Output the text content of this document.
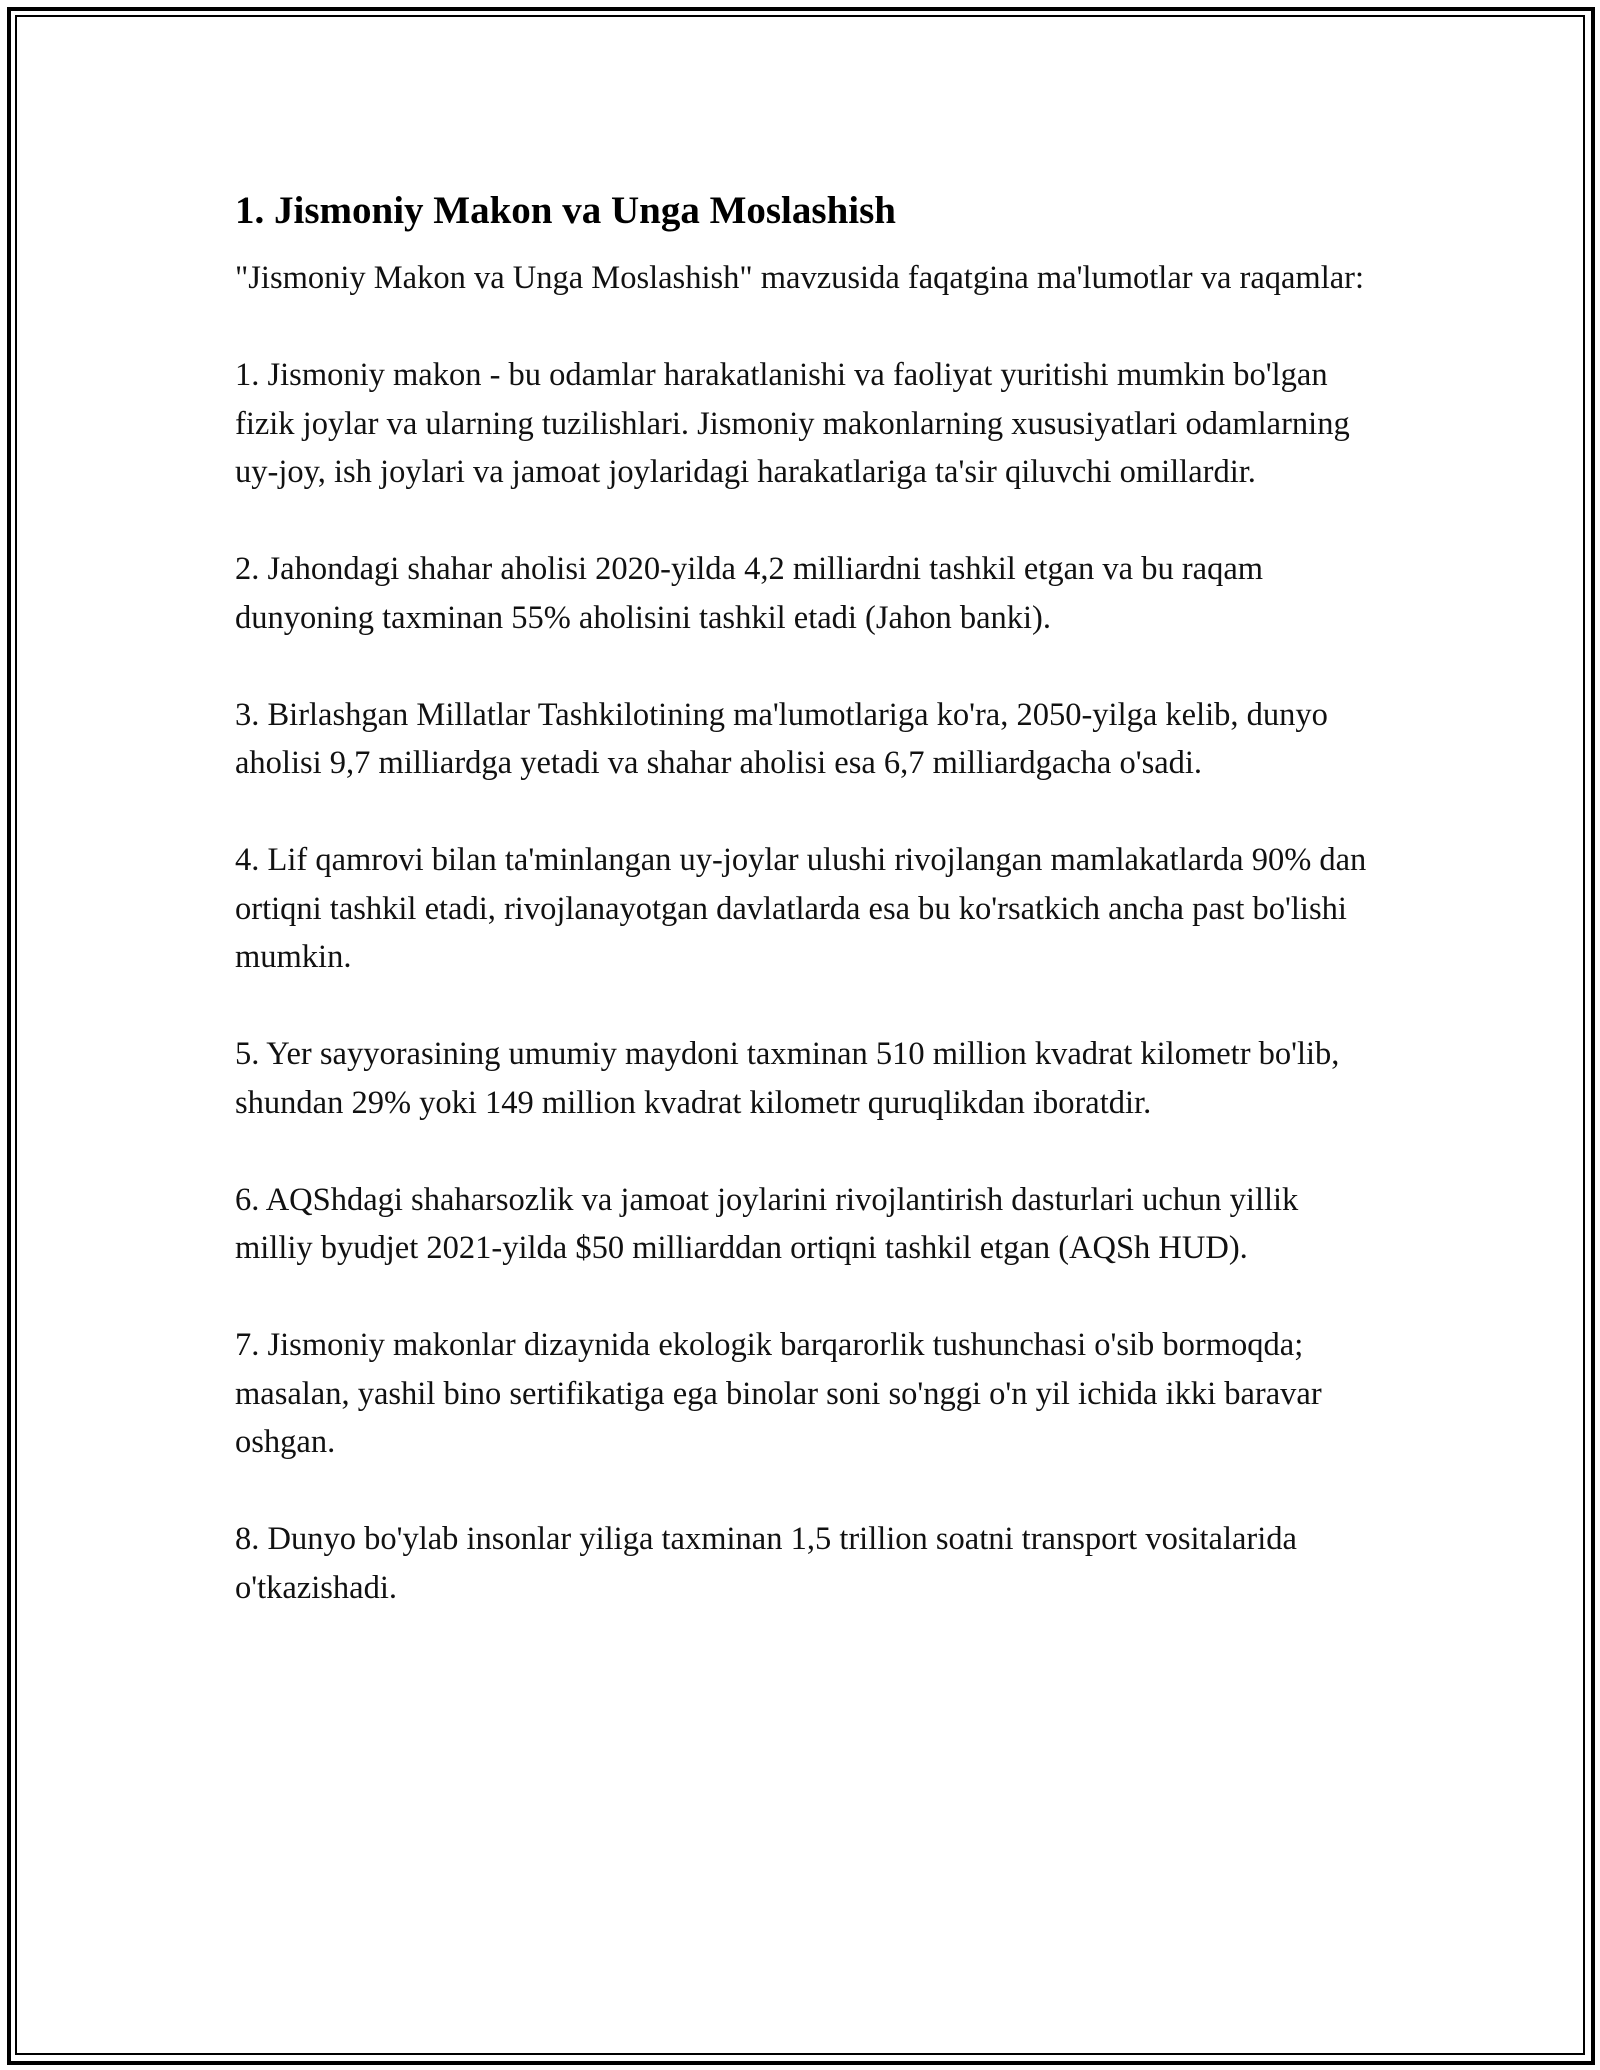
1. Jismoniy Makon va Unga Moslashish

"Jismoniy Makon va Unga Moslashish" mavzusida faqatgina ma'lumotlar va raqamlar:

1. Jismoniy makon - bu odamlar harakatlanishi va faoliyat yuritishi mumkin bo'lgan fizik joylar va ularning tuzilishlari. Jismoniy makonlarning xususiyatlari odamlarning uy-joy, ish joylari va jamoat joylaridagi harakatlariga ta'sir qiluvchi omillardir.

2. Jahondagi shahar aholisi 2020-yilda 4,2 milliardni tashkil etgan va bu raqam dunyoning taxminan 55% aholisini tashkil etadi (Jahon banki).

3. Birlashgan Millatlar Tashkilotining ma'lumotlariga ko'ra, 2050-yilga kelib, dunyo aholisi 9,7 milliardga yetadi va shahar aholisi esa 6,7 milliardgacha o'sadi.

4. Lif qamrovi bilan ta'minlangan uy-joylar ulushi rivojlangan mamlakatlarda 90% dan ortiqni tashkil etadi, rivojlanayotgan davlatlarda esa bu ko'rsatkich ancha past bo'lishi mumkin.

5. Yer sayyorasining umumiy maydoni taxminan 510 million kvadrat kilometr bo'lib, shundan 29% yoki 149 million kvadrat kilometr quruqlikdan iboratdir.

6. AQShdagi shaharsozlik va jamoat joylarini rivojlantirish dasturlari uchun yillik milliy byudjet 2021-yilda $50 milliarddan ortiqni tashkil etgan (AQSh HUD).

7. Jismoniy makonlar dizaynida ekologik barqarorlik tushunchasi o'sib bormoqda; masalan, yashil bino sertifikatiga ega binolar soni so'nggi o'n yil ichida ikki baravar oshgan.

8. Dunyo bo'ylab insonlar yiliga taxminan 1,5 trillion soatni transport vositalarida o'tkazishadi.
